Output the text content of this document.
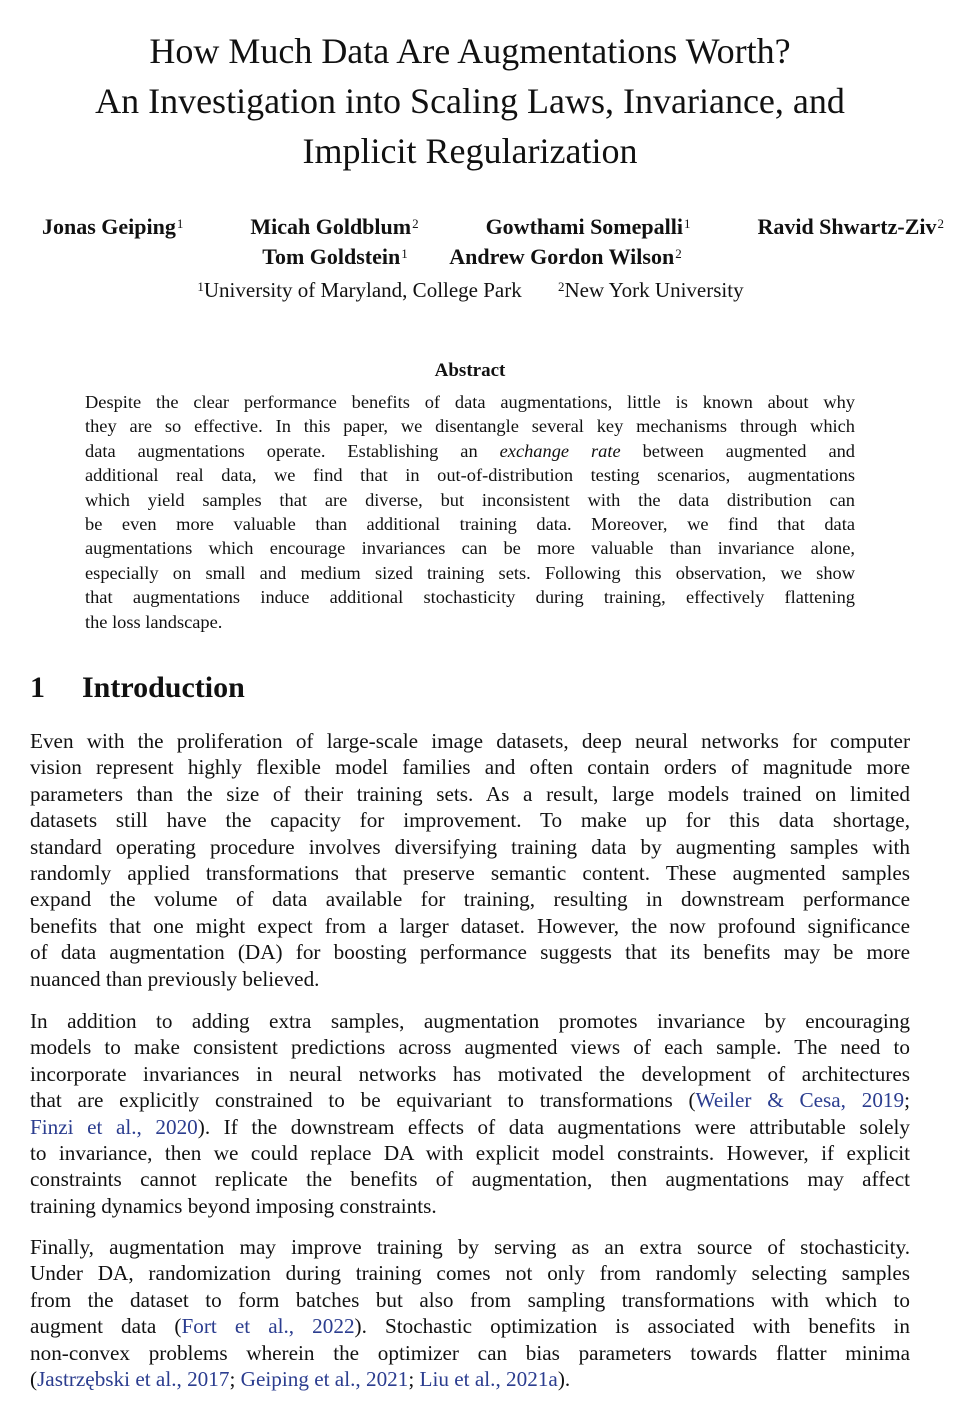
How Much Data Are Augmentations Worth?
An Investigation into Scaling Laws, Invariance, and
Implicit Regularization
Jonas Geiping$^1$	Micah Goldblum$^2$	Gowthami Somepalli$^1$	Ravid Shwartz-Ziv$^2$
Tom Goldstein$^1$ Andrew Gordon Wilson$^2$
$^1$University of Maryland, College Park	$^2$New York University
Abstract
Despite the clear performance benefits of data augmentations, little is known about why
they are so effective. In this paper, we disentangle several key mechanisms through which
data augmentations operate. Establishing an exchange rate between augmented and
additional real data, we find that in out-of-distribution testing scenarios, augmentations
which yield samples that are diverse, but inconsistent with the data distribution can
be even more valuable than additional training data. Moreover, we find that data
augmentations which encourage invariances can be more valuable than invariance alone,
especially on small and medium sized training sets. Following this observation, we show
that augmentations induce additional stochasticity during training, effectively flattening
the loss landscape.
1 Introduction
Even with the proliferation of large-scale image datasets, deep neural networks for computer
vision represent highly flexible model families and often contain orders of magnitude more
parameters than the size of their training sets. As a result, large models trained on limited
datasets still have the capacity for improvement. To make up for this data shortage,
standard operating procedure involves diversifying training data by augmenting samples with
randomly applied transformations that preserve semantic content. These augmented samples
expand the volume of data available for training, resulting in downstream performance
benefits that one might expect from a larger dataset. However, the now profound significance
of data augmentation (DA) for boosting performance suggests that its benefits may be more
nuanced than previously believed.
In addition to adding extra samples, augmentation promotes invariance by encouraging
models to make consistent predictions across augmented views of each sample. The need to
incorporate invariances in neural networks has motivated the development of architectures
that are explicitly constrained to be equivariant to transformations (Weiler & Cesa, 2019;
Finzi et al., 2020). If the downstream effects of data augmentations were attributable solely
to invariance, then we could replace DA with explicit model constraints. However, if explicit
constraints cannot replicate the benefits of augmentation, then augmentations may affect
training dynamics beyond imposing constraints.
Finally, augmentation may improve training by serving as an extra source of stochasticity.
Under DA, randomization during training comes not only from randomly selecting samples
from the dataset to form batches but also from sampling transformations with which to
augment data (Fort et al., 2022). Stochastic optimization is associated with benefits in
non-convex problems wherein the optimizer can bias parameters towards flatter minima
(Jastrzębski et al., 2017; Geiping et al., 2021; Liu et al., 2021a).
